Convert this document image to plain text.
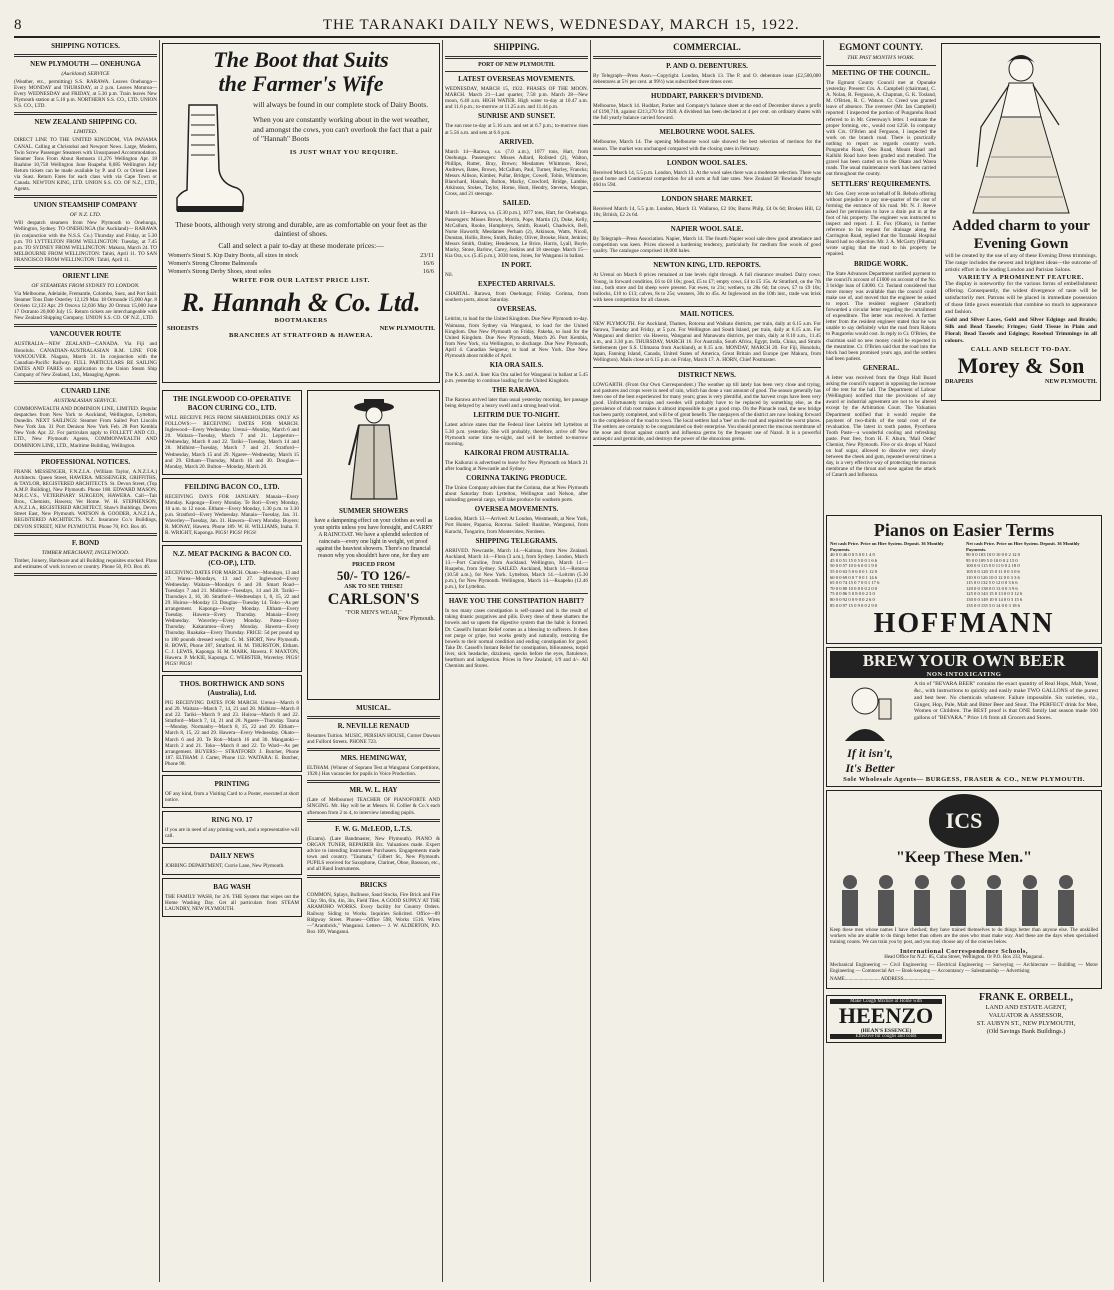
8	THE TARANAKI DAILY NEWS, WEDNESDAY, MARCH 15, 1922.
SHIPPING NOTICES.
NEW PLYMOUTH — ONEHUNGA
(Auckland) SERVICE

(Weather, etc., permitting) S.S. RARAWA. Leaves Onehunga— Every MONDAY and THURSDAY, at 2 p.m. Leaves Moturoa— Every WEDNESDAY and FRIDAY, at 5.30 p.m. Train leaves New Plymouth station at 5.10 p.m. NORTHERN S.S. CO., LTD. UNION S.S. CO., LTD.

NEW ZEALAND SHIPPING CO.
LIMITED.

DIRECT LINE TO THE UNITED KINGDOM, VIA PANAMA CANAL. Calling at Christobal and Newport News. Large, Modern, Twin Screw Passenger Steamers with Unsurpassed Accommodation. Steamer Tons From About Remuera 11,276 Wellington Apr. 18 Ruahine 10,758 Wellington June Ruapehu 8,085 Wellington July Return tickets can be made available by P. and O. or Orient Lines via Suez. Return Fares for each class with via Cape Town or Canada. NEWTON KING, LTD. UNION S.S. CO. OF N.Z., LTD., Agents.

UNION STEAMSHIP COMPANY
OF N.Z. LTD.

Will despatch steamers from New Plymouth to Onehunga, Wellington, Sydney. TO ONEHUNGA (for Auckland)— RARAWA (in conjunction with the N.S.S. Co.) Thursday and Friday, at 5.30 p.m. TO LYTTELTON FROM WELLINGTON: Tuesday, at 7.45 p.m. TO SYDNEY FROM WELLINGTON: Makura, March 24. TO MELBOURNE FROM WELLINGTON: Tahiti, April 11. TO SAN FRANCISCO FROM WELLINGTON: Tahiti, April 11.

ORIENT LINE
OF STEAMERS FROM SYDNEY TO LONDON.

Via Melbourne, Adelaide, Fremantle, Colombo, Suez, and Port Said. Steamer Tons Date Osterley 12,129 Mar. 18 Ormonde 15,000 Apr. 8 Orvieto 12,133 Apr. 29 Orsova 12,036 May 20 Ormuz 15,000 June 17 Ostranto 20,000 July 15. Return tickets are interchangeable with New Zealand Shipping Company. UNION S.S. CO. OF N.Z., LTD.

VANCOUVER ROUTE

AUSTRALIA—NEW ZEALAND—CANADA. Via Fiji and Honolulu. CANADIAN-AUSTRALASIAN R.M. LINE FOR VANCOUVER. Niagara, March 31. In conjunction with the Canadian-Pacific Railway. FULL PARTICULARS RE SAILING DATES AND FARES on application to the Union Steam Ship Company of New Zealand, Ltd., Managing Agents.

CUNARD LINE
AUSTRALASIAN SERVICE.

COMMONWEALTH AND DOMINION LINE, LIMITED. Regular despatches from New York to Auckland, Wellington, Lyttelton, Dunedin. NEXT SAILINGS: Steamer From Sailed Port Lincoln New York Jan. 31 Port Denison New York Feb. 28 Port Kembla New York Apr. 22. For particulars apply to FOLLETT AND CO., LTD., New Plymouth Agents, COMMONWEALTH AND DOMINION LINE, LTD., Maritime Building, Wellington.

PROFESSIONAL NOTICES.

FRANK MESSENGER, F.N.Z.I.A. (William Taylor, A.N.Z.I.A.) Architects. Queen Street, HAWERA. MESSENGER, GRIFFITHS, & TAYLOR, REGISTERED ARCHITECTS. St. Devon Street, (Top A.M.P. Building), New Plymouth. Phone 188. EDWARD MASON, M.R.C.V.S., VETERINARY SURGEON, HAWERA. Call—Tait Bros., Chemists, Hawera; Vet Home. W. H. STEPHENSON, A.N.Z.I.A., REGISTERED ARCHITECT, Shaw's Buildings, Devon Street East, New Plymouth. WATSON & GOODER, A.N.Z.I.A., REGISTERED ARCHITECTS. N.Z. Insurance Co.'s Buildings, DEVON STREET, NEW PLYMOUTH. Phone 70, P.O. Box 46.

F. BOND
TIMBER MERCHANT, INGLEWOOD.

Timber, Joinery, Hardware and all Building requisites stocked. Plans and estimates of work in town or country. Phone 50, P.O. Box 46.

The Boot that Suits
the Farmer's Wife

will always be found in our complete stock of Dairy Boots.

When you are constantly working about in the wet weather, and amongst the cows, you can't overlook the fact that a pair of "Hannah" Boots

IS JUST WHAT YOU REQUIRE.

These boots, although very strong and durable, are as comfortable on your feet as the daintiest of shoes.

Call and select a pair to-day at these moderate prices:—

Women's Stout S. Kip Dairy Boots, all sizes in stock	23/11
Women's Strong Chrome Balmorals	16/6
Women's Strong Derby Shoes, stout soles	16/6
WRITE FOR OUR LATEST PRICE LIST.
R. Hannah & Co. Ltd.
BOOTMAKERS
SHOEISTS	NEW PLYMOUTH.
BRANCHES AT STRATFORD & HAWERA.
THE INGLEWOOD CO-OPERATIVE BACON CURING CO., LTD.

WILL RECEIVE PIGS FROM SHAREHOLDERS ONLY AS FOLLOWS:— RECEIVING DATES FOR MARCH. Inglewood—Every Wednesday. Urenui—Monday, March 6 and 20. Waitara—Tuesday, March 7 and 21. Lepperton—Wednesday, March 8 and 22. Tariki—Tuesday, March 14 and 28. Midhirst—Tuesday, March 7 and 21. Stratford—Wednesday, March 15 and 29. Ngaere—Wednesday, March 15 and 29. Eltham—Thursday, March 16 and 30. Douglas—Monday, March 20. Bulton—Monday, March 20.

FEILDING BACON CO., LTD.

RECEIVING DAYS FOR JANUARY. Manaia—Every Monday. Kaponga—Every Monday. Te Roti—Every Monday, 10 a.m. to 12 noon. Eltham—Every Monday, 1.30 p.m. to 3.30 p.m. Stratford—Every Wednesday. Manaia—Tuesday, Jan. 31. Waverley—Tuesday, Jan. 31. Hawera—Every Monday. Buyers: R. MONAY, Hawera. Phone 189. W. H. WILLIAMS, Inaha. F. R. WRIGHT, Kaponga. PIGS! PIGS! PIGS!

N.Z. MEAT PACKING & BACON CO. (CO-OP.), LTD.

RECEIVING DATES FOR MARCH. Okato—Mondays, 13 and 27. Warea—Mondays, 13 and 27. Inglewood—Every Wednesday. Waitara—Mondays 6 and 20. Smart Road—Tuesdays 7 and 21. Midhirst—Tuesdays, 14 and 28. Tariki—Thursdays 2, 16, 30. Stratford—Wednesdays 1, 8, 15, 22 and 29. Huiroa—Monday 13. Douglas—Tuesday 14. Toko—As per arrangement. Kaponga—Every Monday. Eltham—Every Tuesday. Hawera—Every Thursday. Manaia—Every Wednesday. Waverley—Every Monday. Patea—Every Thursday. Kakaramea—Every Monday. Hawera—Every Thursday. Ruakaka—Every Thursday. FRICE: 5d per pound up to 180 pounds dressed weight. G. M. SHORT, New Plymouth. R. BOWE, Phone 287, Stratford. H. M. THURSTON, Eltham. C. J. LEWIS, Kaponga. H. M. MARK, Hawera. F. MAXTON, Hawera. P. McKIE, Kaponga. C. WEBSTER, Waverley. PIGS! PIGS! PIGS!

THOS. BORTHWICK AND SONS (Australia), Ltd.

PIG RECEIVING DATES FOR MARCH. Urenui—March 6 and 20. Waitara—March 7, 14, 21 and 28. Midhirst—March 8 and 22. Tariki—March 9 and 23. Huiroa—March 8 and 22. Stratford—March 7, 14, 21 and 28. Ngaere—Thursday. Tauna—Monday. Normanby—March 8, 15, 22 and 29. Eltham—March 8, 15, 22 and 29. Hawera—Every Wednesday. Okato—March 6 and 20. Te Roti—March 16 and 30. Mangatoki—March 2 and 21. Toko—March 8 and 22. To Ward—As per arrangement. BUYERS:— STRATFORD: J. Butcher, Phone 187. ELTHAM: J. Carter, Phone 112. WAITARA: E. Butcher, Phone 98.

PRINTING

OF any kind, from a Visiting Card to a Poster, executed at short notice.

RING NO. 17

if you are in need of any printing work, and a representative will call.

DAILY NEWS

JOBBING DEPARTMENT, Currie Lane, New Plymouth.

BAG WASH

THE FAMILY WASH, for 2/6. THE System that wipes out the Home Washing Day. Get all particulars from STEAM LAUNDRY, NEW PLYMOUTH.

SUMMER SHOWERS

have a dampening effect on your clothes as well as your spirits unless you have foresight, and CARRY A RAINCOAT. We have a splendid selection of raincoats—every one light in weight, yet proof against the heaviest showers. There's no financial reason why you shouldn't have one, for they are

PRICED FROM
50/- TO 126/-
ASK TO SEE THESE!
CARLSON'S
"FOR MEN'S WEAR,"
New Plymouth.
MUSICAL.
R. NEVILLE RENAUD

Resumes Tuition. MUSIC, PERSIAN HOUSE, Corner Dawson and Fulford Streets. PHONE 723.

MRS. HEMINGWAY,

ELTHAM. (Winner of Soprano Test at Wanganui Competitions, 1920.) Has vacancies for pupils in Voice Production.

MR. W. L. HAY

(Late of Melbourne) TEACHER OF PIANOFORTE AND SINGING. Mr. Hay will be at Messrs. H. Collier & Co.'s each afternoon from 2 to 4, to interview intending pupils.

F. W. G. McLEOD, L.T.S.

(Exams). (Late Bandmaster, New Plymouth). PIANO & ORGAN TUNER, REPAIRER Etc. Valuations made. Expert advice to intending Instrument Purchasers. Engagements made town and country. "Taumata," Gilbert St., New Plymouth. PUPILS received for Saxophone, Clarinet, Oboe, Bassoon, etc., and all Band Instruments.

BRICKS

COMMON, Splays, Bullnose, Sand Stocks, Fire Brick and Fire Clay. 9in, 6in, 4in, 3in, Field Tiles. A GOOD SUPPLY AT THE ARAMOHO WORKS. Every facility for Country Orders. Railway Siding to Works. Inquiries Solicited. Office—89 Ridgway Street. Phones—Office 598, Works 1516. Wires—"Arambrick," Wanganui. Letters— J. W. ALDERTON, P.O. Box 109, Wanganui.

SHIPPING.
PORT OF NEW PLYMOUTH.
LATEST OVERSEAS MOVEMENTS.

WEDNESDAY, MARCH 15, 1922. PHASES OF THE MOON. MARCH. March 21—Last quarter, 7.58 p.m. March 28—New moon, 6.40 a.m. HIGH WATER. High water to-day at 10.47 a.m. and 11.6 p.m.; to-morrow at 11.25 a.m. and 11.44 p.m.

SUNRISE AND SUNSET.

The sun rose to-day at 5.16 a.m. and set at 6.7 p.m.; to-morrow rises at 5.56 a.m. and sets at 6.6 p.m.

ARRIVED.

March 14—Rarawa, s.s. (7.0 a.m.), 1077 tons, Hart, from Onehunga. Passengers: Misses Adlard, Rollsted (2), Walton, Phillips, Rutter, Bray, Brown; Mesdames Whitmore, Rewi, Andrews, Bates, Brown, McCallum, Paul, Turner, Burley, Francks; Messrs Allison, Kimber, Pullar, Bridger, Cowell, Tobin, Whitmore, Blanchard, Hannah, Bolton, Macky, Crawford, Bridge, Lambie, Atkinson, Stokes, Taylor, Horne, Hunt, Hendry, Stevens, Morgan, Cross, and 21 steerage.

SAILED.

March 14—Rarawa, s.s. (5.30 p.m.), 1077 tons, Hart, for Onehunga. Passengers: Misses Brown, Morrin, Pope, Martin (2), Duke, Kelly, McCallum, Rooke, Humphreys, Smith, Russell, Chadwick, Bell, Nurse Haworth; Mesdames Perham (2), Atkinson, Watts, Nicoll, Dunstan, Hollis, Brew, Smith, Bailey, Oliver, Brooke, Hunt, Jenkins; Messrs Smith, Oakley, Henderson, Le Brice, Harris, Lyall, Boyle, Macky, Stone, Barlow, Carey, Jenkins and 18 steerage. March 15—Kia Ora, s.s. (5.45 p.m.), 3030 tons, Jones, for Wanganui in ballast.

IN PORT.

Nil.

EXPECTED ARRIVALS.

CHARTAL. Rarawa, from Onehunga; Friday. Corinna, from southern ports, about Saturday.

OVERSEAS.

Leitrim, to load for the United Kingdom. Due New Plymouth to-day. Waimana, from Sydney via Wanganui, to load for the United Kingdom. Due New Plymouth on Friday. Pakeha, to load for the United Kingdom. Due New Plymouth, March 26. Port Kembla, from New York, via Wellington, to discharge. Due New Plymouth, April 4. Canadian Seigneur, to load at New York. Due New Plymouth about middle of April.

KIA ORA SAILS.

The K.S. and A. liner Kia Ora sailed for Wanganui in ballast at 5.45 p.m. yesterday to continue loading for the United Kingdom.

THE RARAWA.

The Rarawa arrived later than usual yesterday morning, her passage being delayed by a heavy swell and a strong head wind.

LEITRIM DUE TO-NIGHT.

Latest advice states that the Federal liner Leitrim left Lyttelton at 5.30 p.m. yesterday. She will probably, therefore, arrive off New Plymouth some time to-night, and will be berthed to-morrow morning.

KAIKORAI FROM AUSTRALIA.

The Kaikorai is advertised to leave for New Plymouth on March 21 after loading at Newcastle and Sydney.

CORINNA TAKING PRODUCE.

The Union Company advises that the Corinna, due at New Plymouth about Saturday from Lyttelton, Wellington and Nelson, after unloading general cargo, will take produce for southern ports.

OVERSEA MOVEMENTS.

London, March 13.—Arrived: At London, Westmeath, at New York, Port Hunter, Paparoa, Rotorua. Sailed: Ruahine, Wanganui, from Karachi, Tongariro, from Montevideo, Nordeen.

SHIPPING TELEGRAMS.

ARRIVED. Newcastle, March 14.—Kaituna, from New Zealand. Auckland, March 14.—Flora (3 a.m.), from Sydney. London, March 13.—Port Caroline, from Auckland. Wellington, March 14.—Ruapehu, from Sydney. SAILED. Auckland, March 14.—Rotorua (10.50 a.m.), for New York. Lyttelton, March 14.—Leitrim (5.30 p.m.), for New Plymouth. Wellington, March 14.—Ruapehu (12.46 p.m.), for Lyttelton.

HAVE YOU THE CONSTIPATION HABIT?

In too many cases constipation is self-caused and is the result of taking drastic purgatives and pills. Every dose of these shatters the bowels and so upsets the digestive system that the habit is formed. Dr. Cassell's Instant Relief comes as a blessing to sufferers. It does not purge or gripe, but works gently and naturally, restoring the bowels to their normal condition and ending constipation for good. Take Dr. Cassell's Instant Relief for constipation, biliousness, torpid liver, sick headache, dizziness, specks before the eyes, flatulence, heartburn and indigestion. Prices in New Zealand, 1/9 and 4/-. All Chemists and Stores.

COMMERCIAL.
P. AND O. DEBENTURES.

By Telegraph—Press Assn.—Copyright. London, March 13. The P. and O. debenture issue (£2,500,000 debentures at 5½ per cent. at 99½) was subscribed three times over.

HUDDART, PARKER'S DIVIDEND.

Melbourne, March 14. Huddart, Parker and Company's balance sheet at the end of December shows a profit of £190,718, against £213,270 for 1920. A dividend has been declared at 4 per cent. on ordinary shares with the full yearly balance carried forward.

MELBOURNE WOOL SALES.

Melbourne, March 14. The opening Melbourne wool sale showed the best selection of merinos for the season. The market was unchanged compared with the closing rates in February.

LONDON WOOL SALES.

Received March 14, 5.5 p.m. London, March 13. At the wool sales there was a moderate selection. There was good home and Continental competition for all sorts at full late rates. New Zealand 58 'Bowlands' brought 46d to 59d.

LONDON SHARE MARKET.

Received March 14, 5.5 p.m. London, March 13. Wallaroo, £2 10s; Burns Philp, £4 0s 6d; Broken Hill, £2 18s; British, £2 2s 6d.

NAPIER WOOL SALE.

By Telegraph—Press Association. Napier, March 14. The fourth Napier wool sale drew good attendance and competition was keen. Prices showed a hardening tendency, particularly for medium fine wools of good quality. The catalogue comprised 18,000 bales.

NEWTON KING, LTD. REPORTS.

At Urenui on March 8 prices remained at late levels right through. A full clearance resulted. Dairy cows: Young, in forward condition, £6 to £8 10s; good, £5 to £7; empty cows, £4 to £5 15s. At Stratford, on the 7th inst., both store and fat sheep were present. Fat ewes, to 21s; wethers, to 28s 6d; fat cows, £7 to £9 10s; bullocks, £10 to £13; calves, 8s to 25s; weaners, 30s to 45s. At Inglewood on the 10th inst., trade was brisk with keen competition for all classes.

MAIL NOTICES.

NEW PLYMOUTH. For Auckland, Thames, Rotorua and Waikato districts, per train, daily at 6.15 a.m. For Sarawa, Tuesday and Friday, at 5 p.m. For Wellington and South Island, per train, daily at 6.15 a.m. For Wanganui and district: via Hawera, Wanganui and Manawatu districts, per train, daily at 8.10 a.m., 11.45 a.m., and 3.30 p.m. THURSDAY, MARCH 16. For Australia, South Africa, Egypt, India, China, and Straits Settlements (per S.S. Ulimaroa from Auckland), at 8.15 a.m. MONDAY, MARCH 20. For Fiji, Honolulu, Japan, Fanning Island, Canada, United States of America, Great Britain and Europe (per Makura, from Wellington). Mails close at 6.15 p.m. on Friday, March 17. A. HORN, Chief Postmaster.

DISTRICT NEWS.

LOWGARTH. (From Our Own Correspondent.) The weather up till lately has been very close and trying, and pastures and crops were in need of rain, which has done a vast amount of good. The season generally has been one of the best experienced for many years; grass is very plentiful, and the harvest crops have been very good. Unfortunately turnips and swedes will probably have to be replaced by something else, as the prevalence of club root makes it almost impossible to get a good crop. On the Pinnacle road, the new bridge has been partly completed, and will be of great benefit. The ratepayers of the district are now looking forward to the completion of the road to town. The local settlers had a 'bee' on the road and repaired the worst places. The settlers are certainly to be congratulated on their enterprise. You should protect the mucous membrane of the nose and throat against catarrh and influenza germs by the frequent use of Nazol. It is a powerful antiseptic and germicide, and destroys the power of the obnoxious germs.

EGMONT COUNTY.
THE PAST MONTH'S WORK.
MEETING OF THE COUNCIL.

The Egmont County Council met at Opunake yesterday. Present: Crs. A. Campbell (chairman), C. A. Nolan, R. Ferguson, A. Chapman, G. K. Tosland, M. O'Brien, R. C. Watson. Cr. Creed was granted leave of absence. The overseer (Mr. Ian Campbell) reported: I inspected the portion of Pungarehu Road referred to in Mr. Greenway's letter. I estimate the proper forming, etc., would cost £250. In company with Crs. O'Brien and Ferguson, I inspected the work on the branch road. There is practically nothing to report as regards country work. Pungarehu Road, Oeo Road, Mount Road and Kaihihi Road have been graded and metalled. The gravel has been carted on to the Okato and Warea roads. The usual maintenance work has been carried out throughout the county.

SETTLERS' REQUIREMENTS.

Mr. Geo. Grey wrote on behalf of R. Rebolo offering without prejudice to pay one-quarter of the cost of forming the entrance of his road. Mr. N. J. Reeve asked for permission to have a drain put in at the foot of his property. The engineer was instructed to inspect and report. J. E. Fox (Okato), in further reference to his request for drainage along the Carrington Road, replied that the Taranaki Hospital Board had no objection. Mr. J. A. McGarry (Pihama) wrote urging that the road to his property be repaired.

BRIDGE WORK.

The State Advances Department notified payment to the council's account of £1000 on account of the No. 3 bridge loan of £4000. Cr. Tosland considered that more money was available than the council could make use of, and moved that the engineer be asked to report. The resident engineer (Stratford) forwarded a circular letter regarding the curtailment of expenditure. The letter was received. A further letter from the resident engineer stated that he was unable to say definitely what the road from Rahotu to Pungarehu would cost. In reply to Cr. O'Brien, the chairman said no new money could be expected in the meantime. Cr. O'Brien said that the road into the block had been promised years ago, and the settlers had been patient.

GENERAL.

A letter was received from the Ongo Hall Board asking the council's support in opposing the increase of the rent for the hall. The Department of Labour (Wellington) notified that the provisions of any award or industrial agreement are not to be altered except by the Arbitration Court. The Valuation Department notified that it would require the payment of two-thirds of the total cost of the revaluation. The latest in tooth pastes, Pyorrhoea Tooth Paste—a wonderful cooling and refreshing paste. Post free, from H. F. Aburn, 'Mail Order' Chemist, New Plymouth. Five or six drops of Nazol on loaf sugar, allowed to dissolve very slowly between the cheek and gum, repeated several times a day, is a very effective way of protecting the mucous membrane of the throat and nose against the attack of Catarrh and Influenza.

Added charm to your
Evening Gown

will be created by the use of any of these Evening Dress trimmings. The range includes the newest and brightest ideas—the outcome of artistic effort in the leading London and Parisian Salons.

VARIETY A PROMINENT FEATURE.

The display is noteworthy for the various forms of embellishment offering. Consequently, the widest divergence of taste will be satisfactorily met. Patrons will be placed in immediate possession of those little gown essentials that combine so much to appearance and fashion.

Gold and Silver Laces, Gold and Silver Edgings and Braids; Silk and Bead Tassels; Fringes; Gold Tissue in Plain and Floral; Bead Tassels and Edgings; Rosebud Trimmings in all colours.

CALL AND SELECT TO-DAY.
Morey & Son
DRAPERS	NEW PLYMOUTH.
Pianos on Easier Terms
Net cash Price. Price on Hire System. Deposit. 36 Monthly Payments.
40 0 0 46 0 0 5 0 0 1 4 0
45 0 0 51 15 0 5 0 0 1 6 6
50 0 0 57 10 0 6 0 0 1 9 0
55 0 0 63 5 0 6 0 0 1 12 0
60 0 0 69 0 0 7 0 0 1 14 6
65 0 0 74 15 0 7 0 0 1 17 6
70 0 0 80 10 0 8 0 0 2 0 0
75 0 0 86 5 0 8 0 0 2 3 0
80 0 0 92 0 0 9 0 0 2 6 0
85 0 0 97 15 0 9 0 0 2 9 0
Net cash Price. Price on Hire System. Deposit. 36 Monthly Payments.
90 0 0 103 10 0 10 0 0 2 12 0
95 0 0 109 5 0 10 0 0 2 15 0
100 0 0 115 0 0 11 0 0 2 18 0
105 0 0 120 15 0 11 0 0 3 0 6
110 0 0 126 10 0 12 0 0 3 3 6
115 0 0 132 5 0 12 0 0 3 6 6
120 0 0 138 0 0 13 0 0 3 9 6
125 0 0 143 15 0 13 0 0 3 12 6
130 0 0 149 10 0 14 0 0 3 15 6
135 0 0 155 5 0 14 0 0 3 18 6
HOFFMANN
BREW YOUR OWN BEER
NON-INTOXICATING
If it isn't,
It's Better

A tin of "BEVARA BEER" contains the exact quantity of Real Hops, Malt, Yeast, &c., with instructions to quickly and easily make TWO GALLONS of the purest and best beer. No chemicals whatever. Failure impossible. Six varieties, viz., Ginger, Hop, Pale, Malt and Bitter Beer and Stout. The PERFECT drink for Men, Women or Children. The BEST proof is that ONE family last season made 100 gallons of "BEVARA." Price 1/6 from all Grocers and Stores.

Sole Wholesale Agents— BURGESS, FRASER & CO., NEW PLYMOUTH.
ICS
"Keep These Men."

Keep these men whose names I have checked; they have trained themselves to do things better than anyone else. The unskilled workers who are unable to do things better than others are the ones who must make way. And these are the days when specialised training counts. We can train you by post, and you may choose any of the courses below.

International Correspondence Schools,

Head Office for N.Z.: 85, Cuba Street, Wellington. Or P.O. Box 233, Wanganui.

Mechanical Engineering — Civil Engineering — Electrical Engineering — Surveying — Architecture — Building — Motor Engineering — Commercial Art — Book-keeping — Accountancy — Salesmanship — Advertising

NAME............................ ADDRESS.........................

Make Cough Mixture at Home with
HEENZO
(HEAN'S ESSENCE)
Effective for coughs and colds
FRANK E. ORBELL,
LAND AND ESTATE AGENT,
VALUATOR & ASSESSOR,
ST. AUBYN ST., NEW PLYMOUTH,
(Old Savings Bank Buildings.)
